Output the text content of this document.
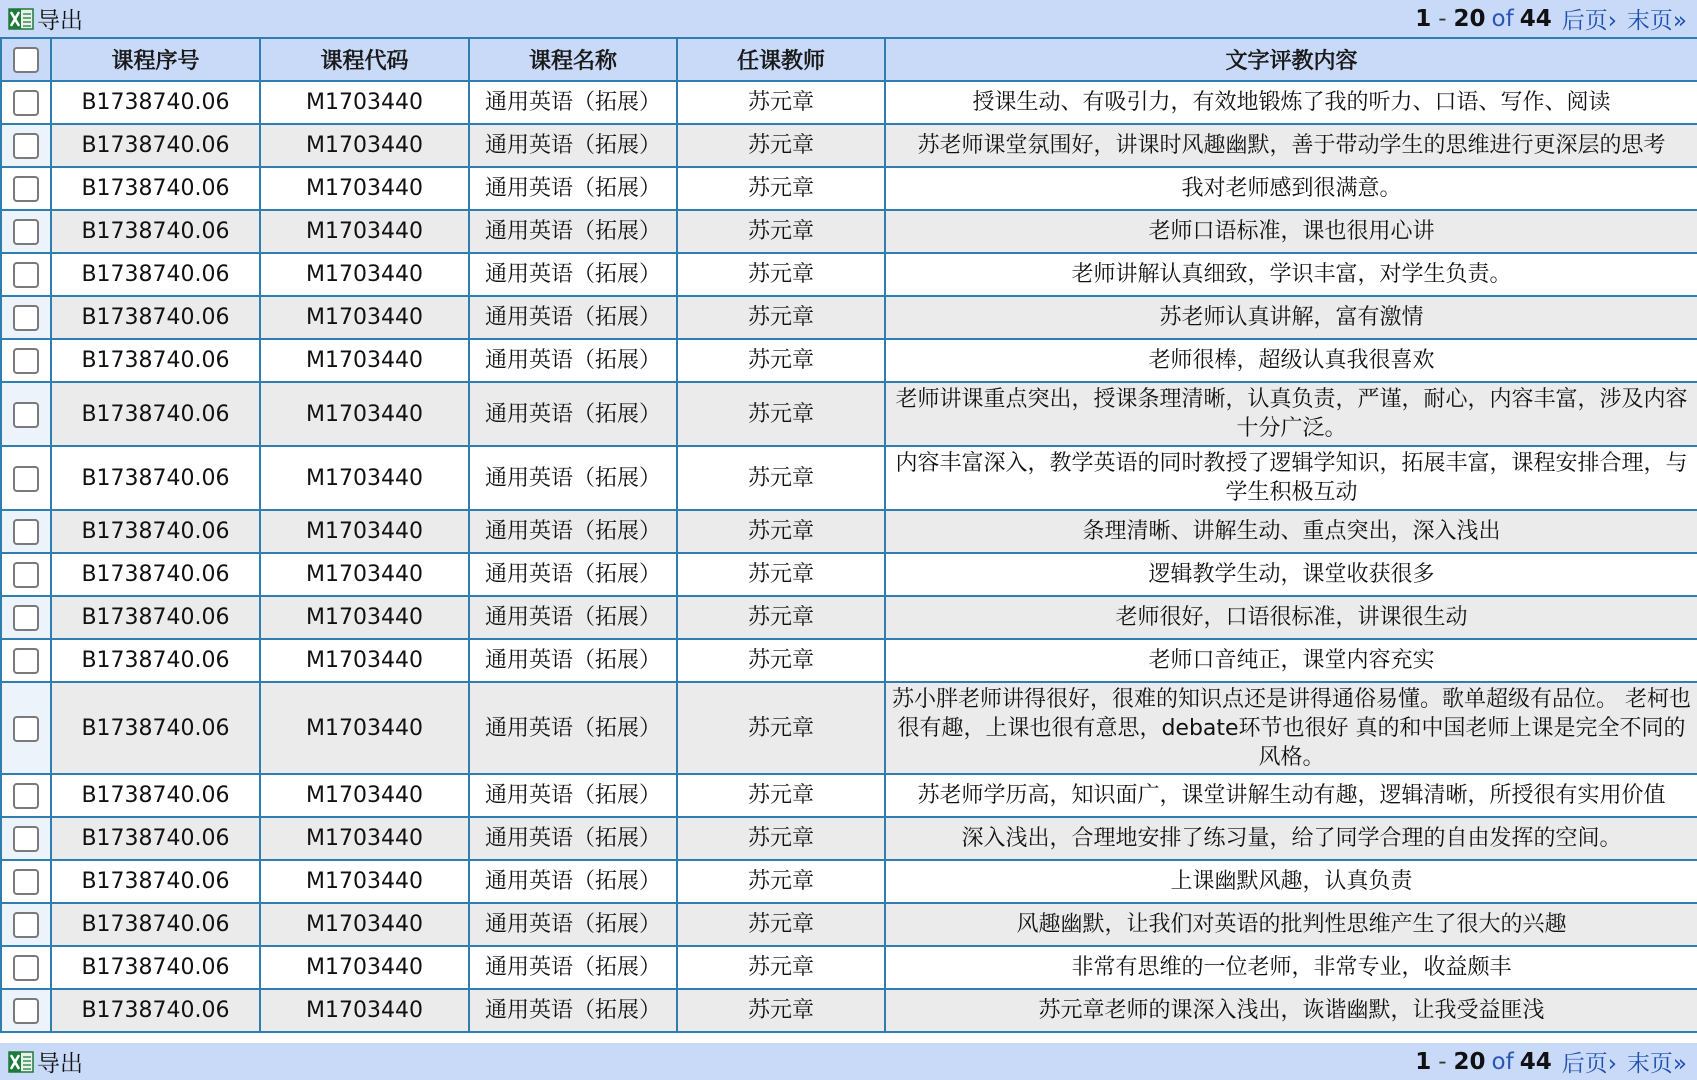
导出	1 - 20 of 44 后页› 末页»
	课程序号	课程代码	课程名称	任课教师	文字评教内容
	B1738740.06	M1703440	通用英语（拓展）	苏元章	授课生动、有吸引力，有效地锻炼了我的听力、口语、写作、阅读
	B1738740.06	M1703440	通用英语（拓展）	苏元章	苏老师课堂氛围好，讲课时风趣幽默，善于带动学生的思维进行更深层的思考
	B1738740.06	M1703440	通用英语（拓展）	苏元章	我对老师感到很满意。
	B1738740.06	M1703440	通用英语（拓展）	苏元章	老师口语标准，课也很用心讲
	B1738740.06	M1703440	通用英语（拓展）	苏元章	老师讲解认真细致，学识丰富，对学生负责。
	B1738740.06	M1703440	通用英语（拓展）	苏元章	苏老师认真讲解，富有激情
	B1738740.06	M1703440	通用英语（拓展）	苏元章	老师很棒，超级认真我很喜欢
	B1738740.06	M1703440	通用英语（拓展）	苏元章	老师讲课重点突出，授课条理清晰，认真负责，严谨，耐心，内容丰富，涉及内容十分广泛。
	B1738740.06	M1703440	通用英语（拓展）	苏元章	内容丰富深入，教学英语的同时教授了逻辑学知识，拓展丰富，课程安排合理，与学生积极互动
	B1738740.06	M1703440	通用英语（拓展）	苏元章	条理清晰、讲解生动、重点突出，深入浅出
	B1738740.06	M1703440	通用英语（拓展）	苏元章	逻辑教学生动，课堂收获很多
	B1738740.06	M1703440	通用英语（拓展）	苏元章	老师很好，口语很标准，讲课很生动
	B1738740.06	M1703440	通用英语（拓展）	苏元章	老师口音纯正，课堂内容充实
	B1738740.06	M1703440	通用英语（拓展）	苏元章	苏小胖老师讲得很好，很难的知识点还是讲得通俗易懂。歌单超级有品位。 老柯也很有趣，上课也很有意思，debate环节也很好 真的和中国老师上课是完全不同的风格。
	B1738740.06	M1703440	通用英语（拓展）	苏元章	苏老师学历高，知识面广，课堂讲解生动有趣，逻辑清晰，所授很有实用价值
	B1738740.06	M1703440	通用英语（拓展）	苏元章	深入浅出，合理地安排了练习量，给了同学合理的自由发挥的空间。
	B1738740.06	M1703440	通用英语（拓展）	苏元章	上课幽默风趣，认真负责
	B1738740.06	M1703440	通用英语（拓展）	苏元章	风趣幽默，让我们对英语的批判性思维产生了很大的兴趣
	B1738740.06	M1703440	通用英语（拓展）	苏元章	非常有思维的一位老师，非常专业，收益颇丰
	B1738740.06	M1703440	通用英语（拓展）	苏元章	苏元章老师的课深入浅出，诙谐幽默，让我受益匪浅
导出	1 - 20 of 44 后页› 末页»
